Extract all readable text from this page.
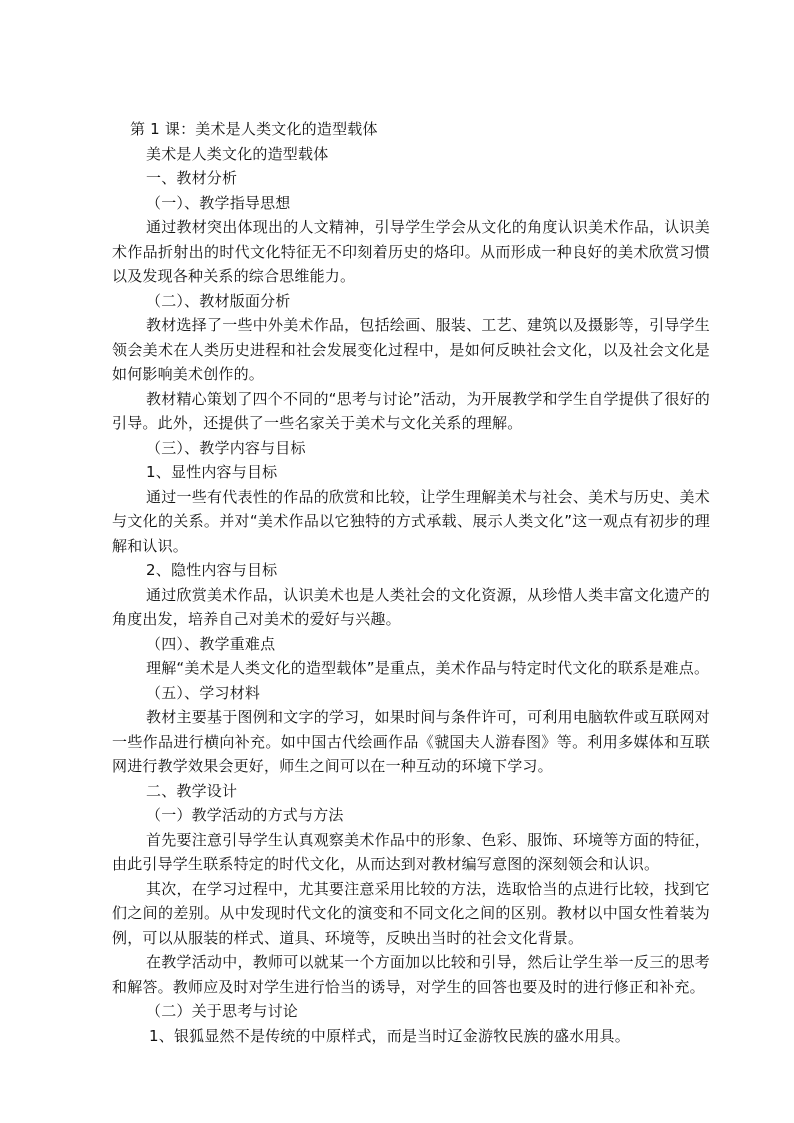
第 1 课：美术是人类文化的造型载体

美术是人类文化的造型载体

一、教材分析

（一）、教学指导思想

通过教材突出体现出的人文精神，引导学生学会从文化的角度认识美术作品，认识美术作品折射出的时代文化特征无不印刻着历史的烙印。从而形成一种良好的美术欣赏习惯以及发现各种关系的综合思维能力。

（二）、教材版面分析

教材选择了一些中外美术作品，包括绘画、服装、工艺、建筑以及摄影等，引导学生领会美术在人类历史进程和社会发展变化过程中，是如何反映社会文化，以及社会文化是如何影响美术创作的。

教材精心策划了四个不同的“思考与讨论”活动，为开展教学和学生自学提供了很好的引导。此外，还提供了一些名家关于美术与文化关系的理解。

（三）、教学内容与目标

1、显性内容与目标

通过一些有代表性的作品的欣赏和比较，让学生理解美术与社会、美术与历史、美术与文化的关系。并对“美术作品以它独特的方式承载、展示人类文化”这一观点有初步的理解和认识。

2、隐性内容与目标

通过欣赏美术作品，认识美术也是人类社会的文化资源，从珍惜人类丰富文化遗产的角度出发，培养自己对美术的爱好与兴趣。

（四）、教学重难点

理解“美术是人类文化的造型载体”是重点，美术作品与特定时代文化的联系是难点。

（五）、学习材料

教材主要基于图例和文字的学习，如果时间与条件许可，可利用电脑软件或互联网对一些作品进行横向补充。如中国古代绘画作品《虢国夫人游春图》等。利用多媒体和互联网进行教学效果会更好，师生之间可以在一种互动的环境下学习。

二、教学设计

（一）教学活动的方式与方法

首先要注意引导学生认真观察美术作品中的形象、色彩、服饰、环境等方面的特征，由此引导学生联系特定的时代文化，从而达到对教材编写意图的深刻领会和认识。

其次，在学习过程中，尤其要注意采用比较的方法，选取恰当的点进行比较，找到它们之间的差别。从中发现时代文化的演变和不同文化之间的区别。教材以中国女性着装为例，可以从服装的样式、道具、环境等，反映出当时的社会文化背景。

在教学活动中，教师可以就某一个方面加以比较和引导，然后让学生举一反三的思考和解答。教师应及时对学生进行恰当的诱导，对学生的回答也要及时的进行修正和补充。

（二）关于思考与讨论

1、银狐显然不是传统的中原样式，而是当时辽金游牧民族的盛水用具。
